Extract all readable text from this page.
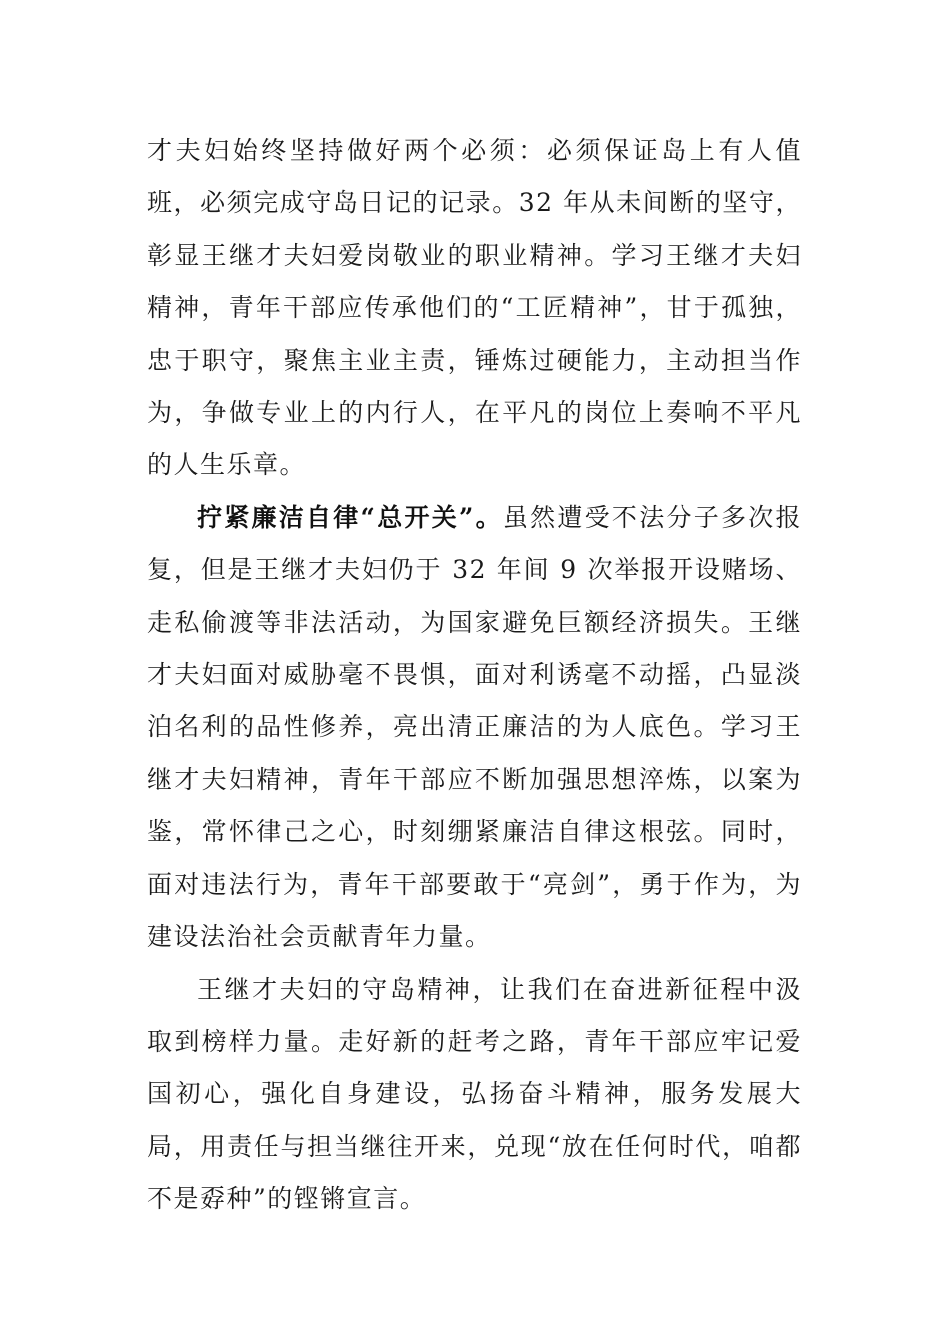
才夫妇始终坚持做好两个必须：必须保证岛上有人值班，必须完成守岛日记的记录。32 年从未间断的坚守，彰显王继才夫妇爱岗敬业的职业精神。学习王继才夫妇精神，青年干部应传承他们的“工匠精神”，甘于孤独，忠于职守，聚焦主业主责，锤炼过硬能力，主动担当作为，争做专业上的内行人，在平凡的岗位上奏响不平凡的人生乐章。

拧紧廉洁自律“总开关”。虽然遭受不法分子多次报复，但是王继才夫妇仍于 32 年间 9 次举报开设赌场、走私偷渡等非法活动，为国家避免巨额经济损失。王继才夫妇面对威胁毫不畏惧，面对利诱毫不动摇，凸显淡泊名利的品性修养，亮出清正廉洁的为人底色。学习王继才夫妇精神，青年干部应不断加强思想淬炼，以案为鉴，常怀律己之心，时刻绷紧廉洁自律这根弦。同时，面对违法行为，青年干部要敢于“亮剑”，勇于作为，为建设法治社会贡献青年力量。

王继才夫妇的守岛精神，让我们在奋进新征程中汲取到榜样力量。走好新的赶考之路，青年干部应牢记爱国初心，强化自身建设，弘扬奋斗精神，服务发展大局，用责任与担当继往开来，兑现“放在任何时代，咱都不是孬种”的铿锵宣言。
